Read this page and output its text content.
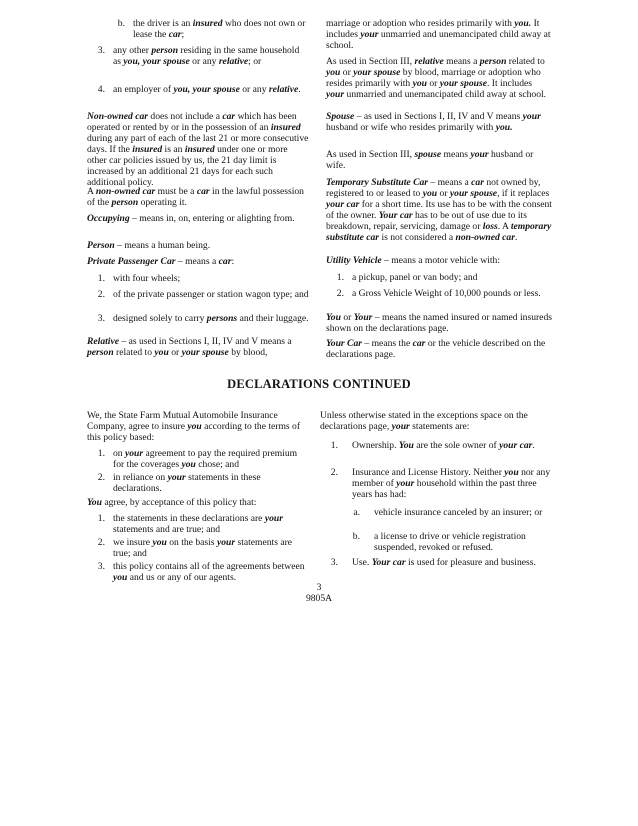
b. the driver is an insured who does not own or lease the car;
3. any other person residing in the same household as you, your spouse or any relative; or
4. an employer of you, your spouse or any relative.

Non-owned car does not include a car which has been operated or rented by or in the possession of an insured during any part of each of the last 21 or more consecutive days. If the insured is an insured under one or more other car policies issued by us, the 21 day limit is increased by an additional 21 days for each such additional policy.

A non-owned car must be a car in the lawful possession of the person operating it.

Occupying – means in, on, entering or alighting from.

Person – means a human being.

Private Passenger Car – means a car:

1. with four wheels;
2. of the private passenger or station wagon type; and
3. designed solely to carry persons and their luggage.

Relative – as used in Sections I, II, IV and V means a person related to you or your spouse by blood,

marriage or adoption who resides primarily with you. It includes your unmarried and unemancipated child away at school.

As used in Section III, relative means a person related to you or your spouse by blood, marriage or adoption who resides primarily with you or your spouse. It includes your unmarried and unemancipated child away at school.

Spouse – as used in Sections I, II, IV and V means your husband or wife who resides primarily with you.

As used in Section III, spouse means your husband or wife.

Temporary Substitute Car – means a car not owned by, registered to or leased to you or your spouse, if it replaces your car for a short time. Its use has to be with the consent of the owner. Your car has to be out of use due to its breakdown, repair, servicing, damage or loss. A temporary substitute car is not considered a non-owned car.

Utility Vehicle – means a motor vehicle with:

1. a pickup, panel or van body; and
2. a Gross Vehicle Weight of 10,000 pounds or less.

You or Your – means the named insured or named insureds shown on the declarations page.

Your Car – means the car or the vehicle described on the declarations page.

DECLARATIONS CONTINUED

We, the State Farm Mutual Automobile Insurance Company, agree to insure you according to the terms of this policy based:

1. on your agreement to pay the required premium for the coverages you chose; and
2. in reliance on your statements in these declarations.

You agree, by acceptance of this policy that:

1. the statements in these declarations are your statements and are true; and
2. we insure you on the basis your statements are true; and
3. this policy contains all of the agreements between you and us or any of our agents.

Unless otherwise stated in the exceptions space on the declarations page, your statements are:

1. Ownership. You are the sole owner of your car.
2. Insurance and License History. Neither you nor any member of your household within the past three years has had:
a. vehicle insurance canceled by an insurer; or
b. a license to drive or vehicle registration suspended, revoked or refused.
3. Use. Your car is used for pleasure and business.
3
9805A
